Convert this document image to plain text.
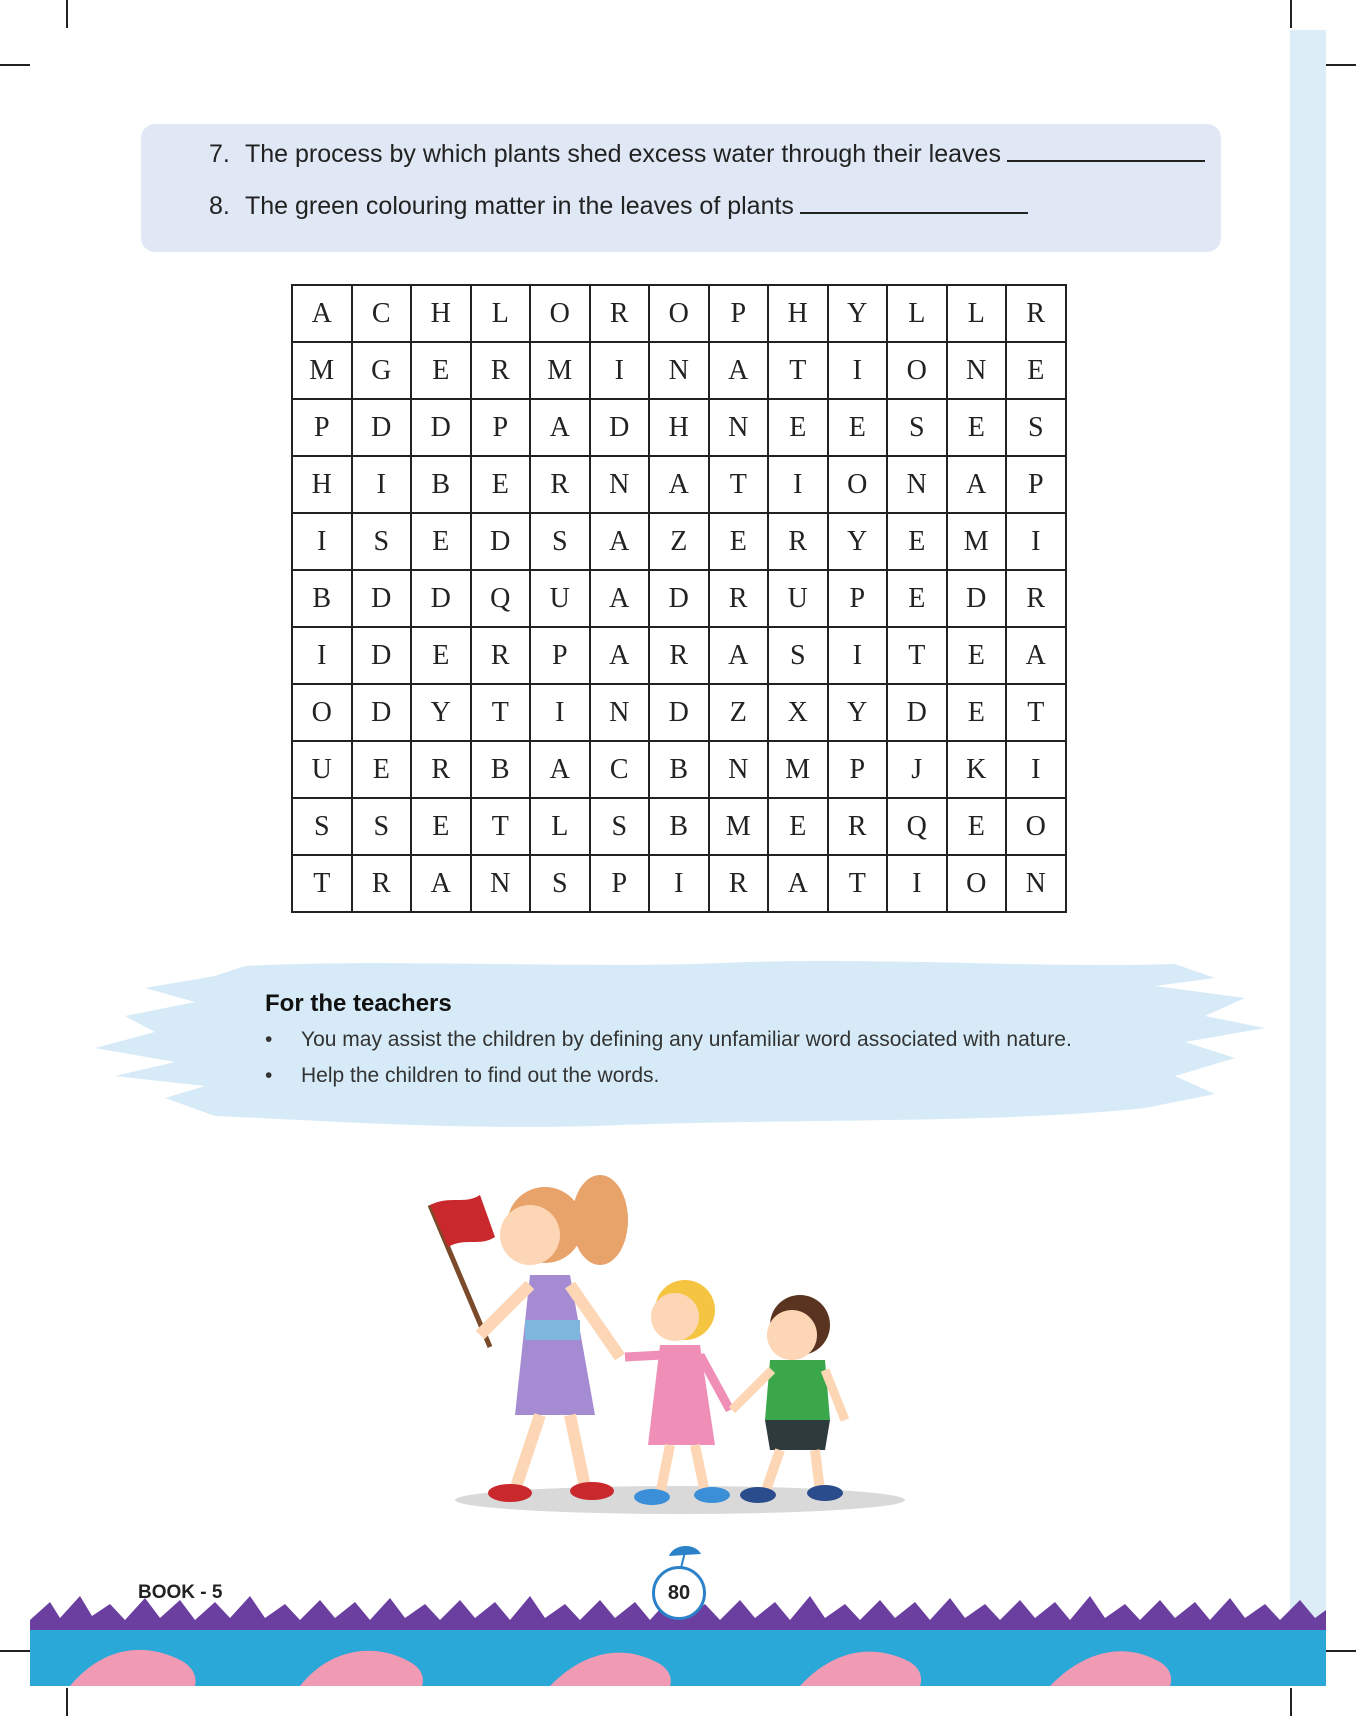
7. The process by which plants shed excess water through their leaves
8. The green colouring matter in the leaves of plants
A	C	H	L	O	R	O	P	H	Y	L	L	R
M	G	E	R	M	I	N	A	T	I	O	N	E
P	D	D	P	A	D	H	N	E	E	S	E	S
H	I	B	E	R	N	A	T	I	O	N	A	P
I	S	E	D	S	A	Z	E	R	Y	E	M	I
B	D	D	Q	U	A	D	R	U	P	E	D	R
I	D	E	R	P	A	R	A	S	I	T	E	A
O	D	Y	T	I	N	D	Z	X	Y	D	E	T
U	E	R	B	A	C	B	N	M	P	J	K	I
S	S	E	T	L	S	B	M	E	R	Q	E	O
T	R	A	N	S	P	I	R	A	T	I	O	N
For the teachers
•	You may assist the children by defining any unfamiliar word associated with nature.
•	Help the children to find out the words.
BOOK - 5	80
